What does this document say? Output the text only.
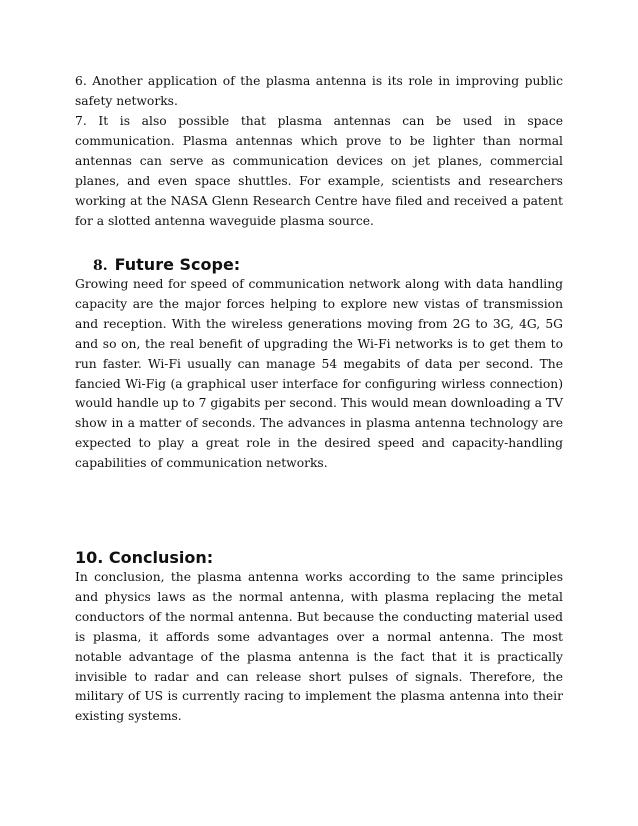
6. Another application of the plasma antenna is its role in improving public safety networks.

7. It is also possible that plasma antennas can be used in space communication. Plasma antennas which prove to be lighter than normal antennas can serve as communication devices on jet planes, commercial planes, and even space shuttles. For example, scientists and researchers working at the NASA Glenn Research Centre have filed and received a patent for a slotted antenna waveguide plasma source.

8. Future Scope:

Growing need for speed of communication network along with data handling capacity are the major forces helping to explore new vistas of transmission and reception. With the wireless generations moving from 2G to 3G, 4G, 5G and so on, the real benefit of upgrading the Wi-Fi networks is to get them to run faster. Wi-Fi usually can manage 54 megabits of data per second. The fancied Wi-Fig (a graphical user interface for configuring wirless connection) would handle up to 7 gigabits per second. This would mean downloading a TV show in a matter of seconds. The advances in plasma antenna technology are expected to play a great role in the desired speed and capacity-handling capabilities of communication networks.

10. Conclusion:

In conclusion, the plasma antenna works according to the same principles and physics laws as the normal antenna, with plasma replacing the metal conductors of the normal antenna. But because the conducting material used is plasma, it affords some advantages over a normal antenna. The most notable advantage of the plasma antenna is the fact that it is practically invisible to radar and can release short pulses of signals. Therefore, the military of US is currently racing to implement the plasma antenna into their existing systems.
